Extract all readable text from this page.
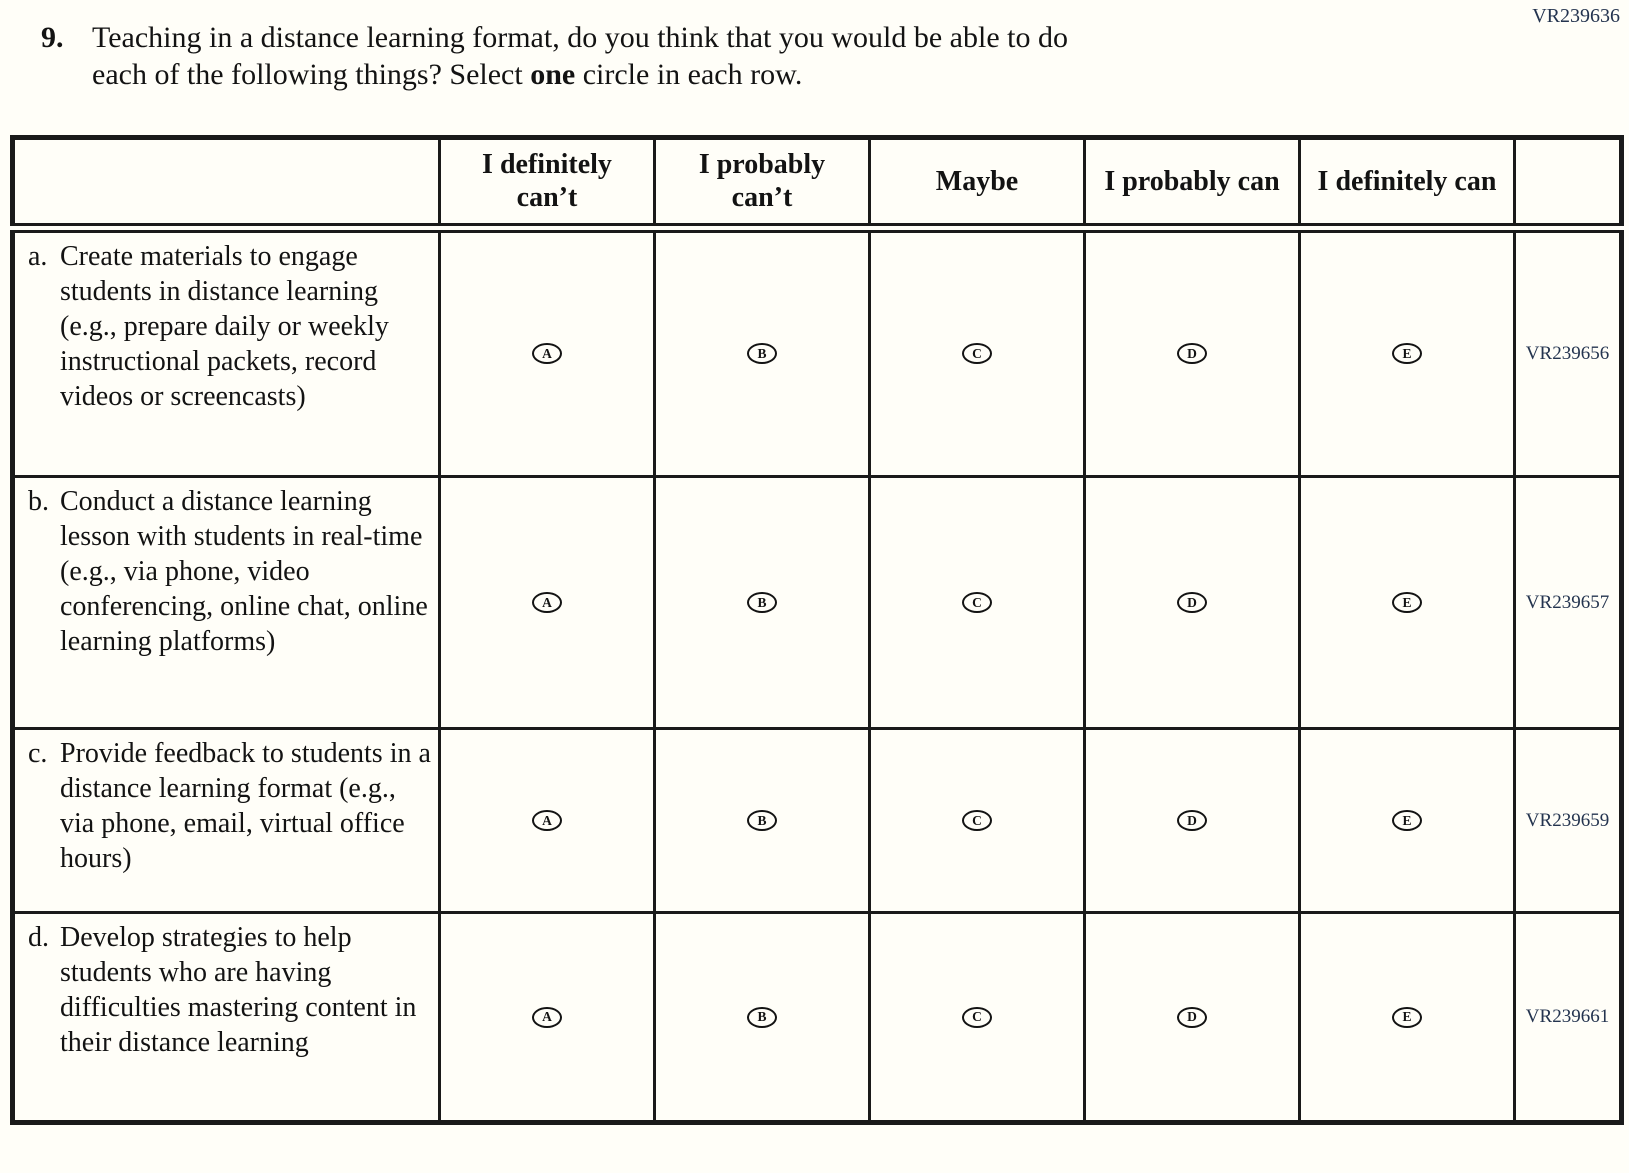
VR239636
9. Teaching in a distance learning format, do you think that you would be able to do
each of the following things? Select one circle in each row.
	I definitely can’t	I probably can’t	Maybe	I probably can	I definitely can	

a. Create materials to engage students in distance learning (e.g., prepare daily or weekly instructional packets, record videos or screencasts)	A	B	C	D	E	VR239656

b. Conduct a distance learning lesson with students in real-time (e.g., via phone, video conferencing, online chat, online learning platforms)	A	B	C	D	E	VR239657

c. Provide feedback to students in a distance learning format (e.g., via phone, email, virtual office hours)	A	B	C	D	E	VR239659

d. Develop strategies to help students who are having difficulties mastering content in their distance learning	A	B	C	D	E	VR239661
